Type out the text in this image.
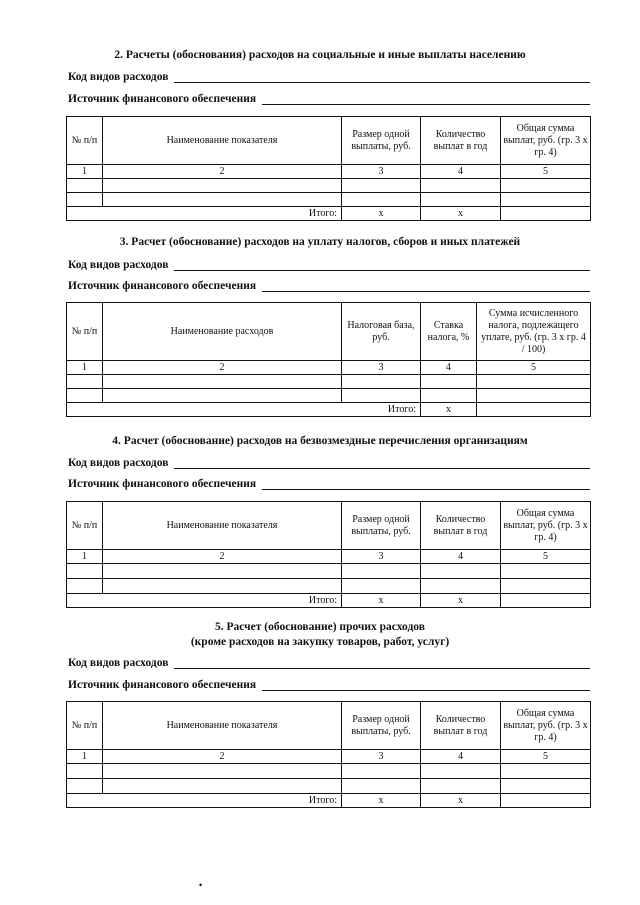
2. Расчеты (обоснования) расходов на социальные и иные выплаты населению
Код видов расходов
Источник финансового обеспечения
№ п/п	Наименование показателя	Размер одной выплаты, руб.	Количество выплат в год	Общая сумма выплат, руб. (гр. 3 х гр. 4)
1	2	3	4	5

Итого:		х	х	
3. Расчет (обоснование) расходов на уплату налогов, сборов и иных платежей
Код видов расходов
Источник финансового обеспечения
№ п/п	Наименование расходов	Налоговая база, руб.	Ставка налога, %	Сумма исчисленного налога, подлежащего уплате, руб. (гр. 3 х гр. 4 / 100)
1	2	3	4	5

Итого:			х	
4. Расчет (обоснование) расходов на безвозмездные перечисления организациям
Код видов расходов
Источник финансового обеспечения
№ п/п	Наименование показателя	Размер одной выплаты, руб.	Количество выплат в год	Общая сумма выплат, руб. (гр. 3 х гр. 4)
1	2	3	4	5

Итого:		х	х	
5. Расчет (обоснование) прочих расходов
(кроме расходов на закупку товаров, работ, услуг)
Код видов расходов
Источник финансового обеспечения
№ п/п	Наименование показателя	Размер одной выплаты, руб.	Количество выплат в год	Общая сумма выплат, руб. (гр. 3 х гр. 4)
1	2	3	4	5

Итого:		х	х	
•
